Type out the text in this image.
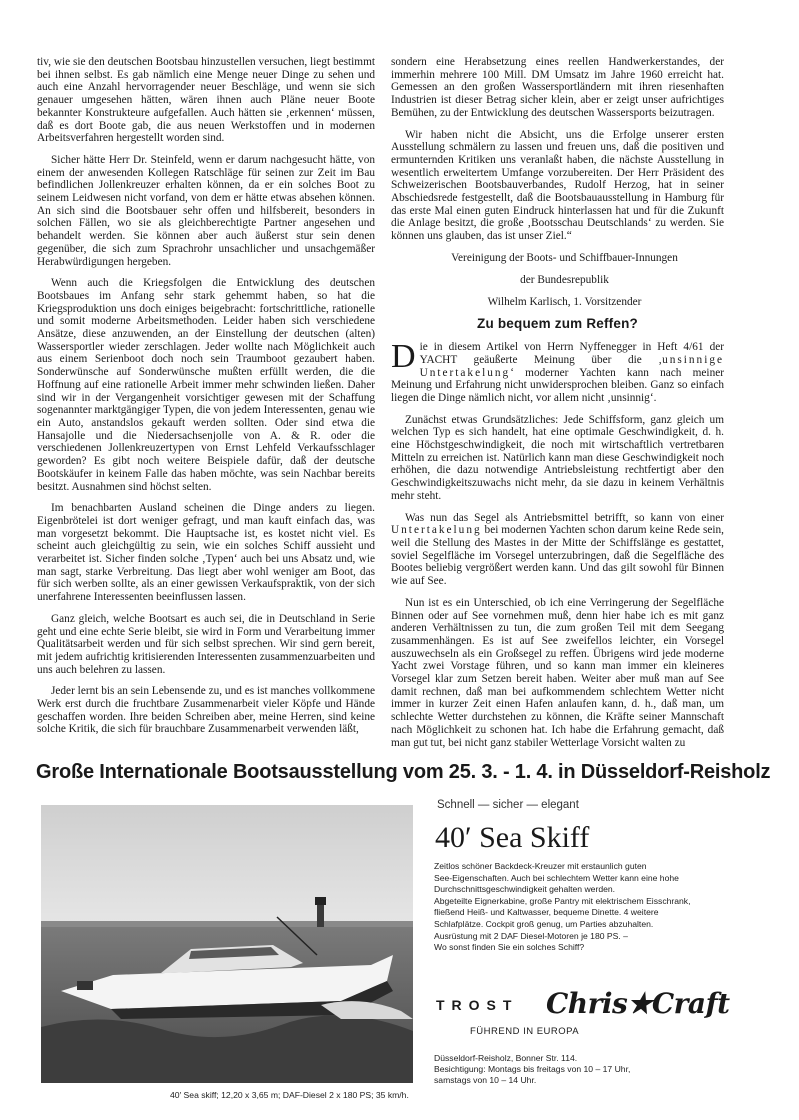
tiv, wie sie den deutschen Bootsbau hinzustellen versuchen, liegt bestimmt bei ihnen selbst. Es gab nämlich eine Menge neuer Dinge zu sehen und auch eine Anzahl hervorragender neuer Beschläge, und wenn sie sich genauer umgesehen hätten, wären ihnen auch Pläne neuer Boote bekannter Konstrukteure aufgefallen. Auch hätten sie ‚erkennen‘ müssen, daß es dort Boote gab, die aus neuen Werkstoffen und in modernen Arbeitsverfahren hergestellt worden sind.

Sicher hätte Herr Dr. Steinfeld, wenn er darum nachgesucht hätte, von einem der anwesenden Kollegen Ratschläge für seinen zur Zeit im Bau befindlichen Jollenkreuzer erhalten können, da er ein solches Boot zu seinem Leidwesen nicht vorfand, von dem er hätte etwas absehen können. An sich sind die Bootsbauer sehr offen und hilfsbereit, besonders in solchen Fällen, wo sie als gleichberechtigte Partner angesehen und behandelt werden. Sie können aber auch äußerst stur sein denen gegenüber, die sich zum Sprachrohr unsachlicher und unsachgemäßer Herabwürdigungen hergeben.

Wenn auch die Kriegsfolgen die Entwicklung des deutschen Bootsbaues im Anfang sehr stark gehemmt haben, so hat die Kriegsproduktion uns doch einiges beigebracht: fortschrittliche, rationelle und somit moderne Arbeitsmethoden. Leider haben sich verschiedene Ansätze, diese anzuwenden, an der Einstellung der deutschen (alten) Wassersportler wieder zerschlagen. Jeder wollte nach Möglichkeit auch aus einem Serienboot doch noch sein Traumboot gezaubert haben. Sonderwünsche auf Sonderwünsche mußten erfüllt werden, die die Hoffnung auf eine rationelle Arbeit immer mehr schwinden ließen. Daher sind wir in der Vergangenheit vorsichtiger gewesen mit der Schaffung sogenannter marktgängiger Typen, die von jedem Interessenten, genau wie ein Auto, anstandslos gekauft werden sollten. Oder sind etwa die Hansajolle und die Niedersachsenjolle von A. & R. oder die verschiedenen Jollenkreuzertypen von Ernst Lehfeld Verkaufsschlager geworden? Es gibt noch weitere Beispiele dafür, daß der deutsche Bootskäufer in keinem Falle das haben möchte, was sein Nachbar bereits besitzt. Ausnahmen sind höchst selten.

Im benachbarten Ausland scheinen die Dinge anders zu liegen. Eigenbrötelei ist dort weniger gefragt, und man kauft einfach das, was man vorgesetzt bekommt. Die Hauptsache ist, es kostet nicht viel. Es scheint auch gleichgültig zu sein, wie ein solches Schiff aussieht und verarbeitet ist. Sicher finden solche ‚Typen‘ auch bei uns Absatz und, wie man sagt, starke Verbreitung. Das liegt aber wohl weniger am Boot, das für sich werben sollte, als an einer gewissen Verkaufspraktik, von der sich unerfahrene Interessenten beeinflussen lassen.

Ganz gleich, welche Bootsart es auch sei, die in Deutschland in Serie geht und eine echte Serie bleibt, sie wird in Form und Verarbeitung immer Qualitätsarbeit werden und für sich selbst sprechen. Wir sind gern bereit, mit jedem aufrichtig kritisierenden Interessenten zusammenzuarbeiten und uns auch belehren zu lassen.

Jeder lernt bis an sein Lebensende zu, und es ist manches vollkommene Werk erst durch die fruchtbare Zusammenarbeit vieler Köpfe und Hände geschaffen worden. Ihre beiden Schreiben aber, meine Herren, sind keine solche Kritik, die sich für brauchbare Zusammenarbeit verwenden läßt,

sondern eine Herabsetzung eines reellen Handwerkerstandes, der immerhin mehrere 100 Mill. DM Umsatz im Jahre 1960 erreicht hat. Gemessen an den großen Wassersportländern mit ihren riesenhaften Industrien ist dieser Betrag sicher klein, aber er zeigt unser aufrichtiges Bemühen, zu der Entwicklung des deutschen Wassersports beizutragen.

Wir haben nicht die Absicht, uns die Erfolge unserer ersten Ausstellung schmälern zu lassen und freuen uns, daß die positiven und ermunternden Kritiken uns veranlaßt haben, die nächste Ausstellung in wesentlich erweitertem Umfange vorzubereiten. Der Herr Präsident des Schweizerischen Bootsbauverbandes, Rudolf Herzog, hat in seiner Abschiedsrede festgestellt, daß die Bootsbauausstellung in Hamburg für das erste Mal einen guten Eindruck hinterlassen hat und für die Zukunft die Anlage besitzt, die große ‚Bootsschau Deutschlands‘ zu werden. Sie können uns glauben, das ist unser Ziel.“

Vereinigung der Boots- und Schiffbauer-Innungen

der Bundesrepublik

Wilhelm Karlisch, 1. Vorsitzender

Zu bequem zum Reffen?

Die in diesem Artikel von Herrn Nyffenegger in Heft 4/61 der YACHT geäußerte Meinung über die ‚unsinnige Untertakelung‘ moderner Yachten kann nach meiner Meinung und Erfahrung nicht unwidersprochen bleiben. Ganz so einfach liegen die Dinge nämlich nicht, vor allem nicht ‚unsinnig‘.

Zunächst etwas Grundsätzliches: Jede Schiffsform, ganz gleich um welchen Typ es sich handelt, hat eine optimale Geschwindigkeit, d. h. eine Höchstgeschwindigkeit, die noch mit wirtschaftlich vertretbaren Mitteln zu erreichen ist. Natürlich kann man diese Geschwindigkeit noch erhöhen, die dazu notwendige Antriebsleistung rechtfertigt aber den Geschwindigkeitszuwachs nicht mehr, da sie dazu in keinem Verhältnis mehr steht.

Was nun das Segel als Antriebsmittel betrifft, so kann von einer Untertakelung bei modernen Yachten schon darum keine Rede sein, weil die Stellung des Mastes in der Mitte der Schiffslänge es gestattet, soviel Segelfläche im Vorsegel unterzubringen, daß die Segelfläche des Bootes beliebig vergrößert werden kann. Und das gilt sowohl für Binnen wie auf See.

Nun ist es ein Unterschied, ob ich eine Verringerung der Segelfläche Binnen oder auf See vornehmen muß, denn hier habe ich es mit ganz anderen Verhältnissen zu tun, die zum großen Teil mit dem Seegang zusammenhängen. Es ist auf See zweifellos leichter, ein Vorsegel auszuwechseln als ein Großsegel zu reffen. Übrigens wird jede moderne Yacht zwei Vorstage führen, und so kann man immer ein kleineres Vorsegel klar zum Setzen bereit haben. Weiter aber muß man auf See damit rechnen, daß man bei aufkommendem schlechtem Wetter nicht immer in kurzer Zeit einen Hafen anlaufen kann, d. h., daß man, um schlechte Wetter durchstehen zu können, die Kräfte seiner Mannschaft nach Möglichkeit zu schonen hat. Ich habe die Erfahrung gemacht, daß man gut tut, bei nicht ganz stabiler Wetterlage Vorsicht walten zu

Große Internationale Bootsausstellung vom 25. 3. - 1. 4. in Düsseldorf-Reisholz
Schnell — sicher — elegant
40′ Sea Skiff
Zeitlos schöner Backdeck-Kreuzer mit erstaunlich guten
See-Eigenschaften. Auch bei schlechtem Wetter kann eine hohe
Durchschnittsgeschwindigkeit gehalten werden.
Abgeteilte Eignerkabine, große Pantry mit elektrischem Eisschrank,
fließend Heiß- und Kaltwasser, bequeme Dinette. 4 weitere
Schlafplätze. Cockpit groß genug, um Parties abzuhalten.
Ausrüstung mit 2 DAF Diesel-Motoren je 180 PS. –
Wo sonst finden Sie ein solches Schiff?
TROST Chris★Craft
FÜHREND IN EUROPA
Düsseldorf-Reisholz, Bonner Str. 114.
Besichtigung: Montags bis freitags von 10 – 17 Uhr,
samstags von 10 – 14 Uhr.
40′ Sea skiff; 12,20 x 3,65 m; DAF-Diesel 2 x 180 PS; 35 km/h.
